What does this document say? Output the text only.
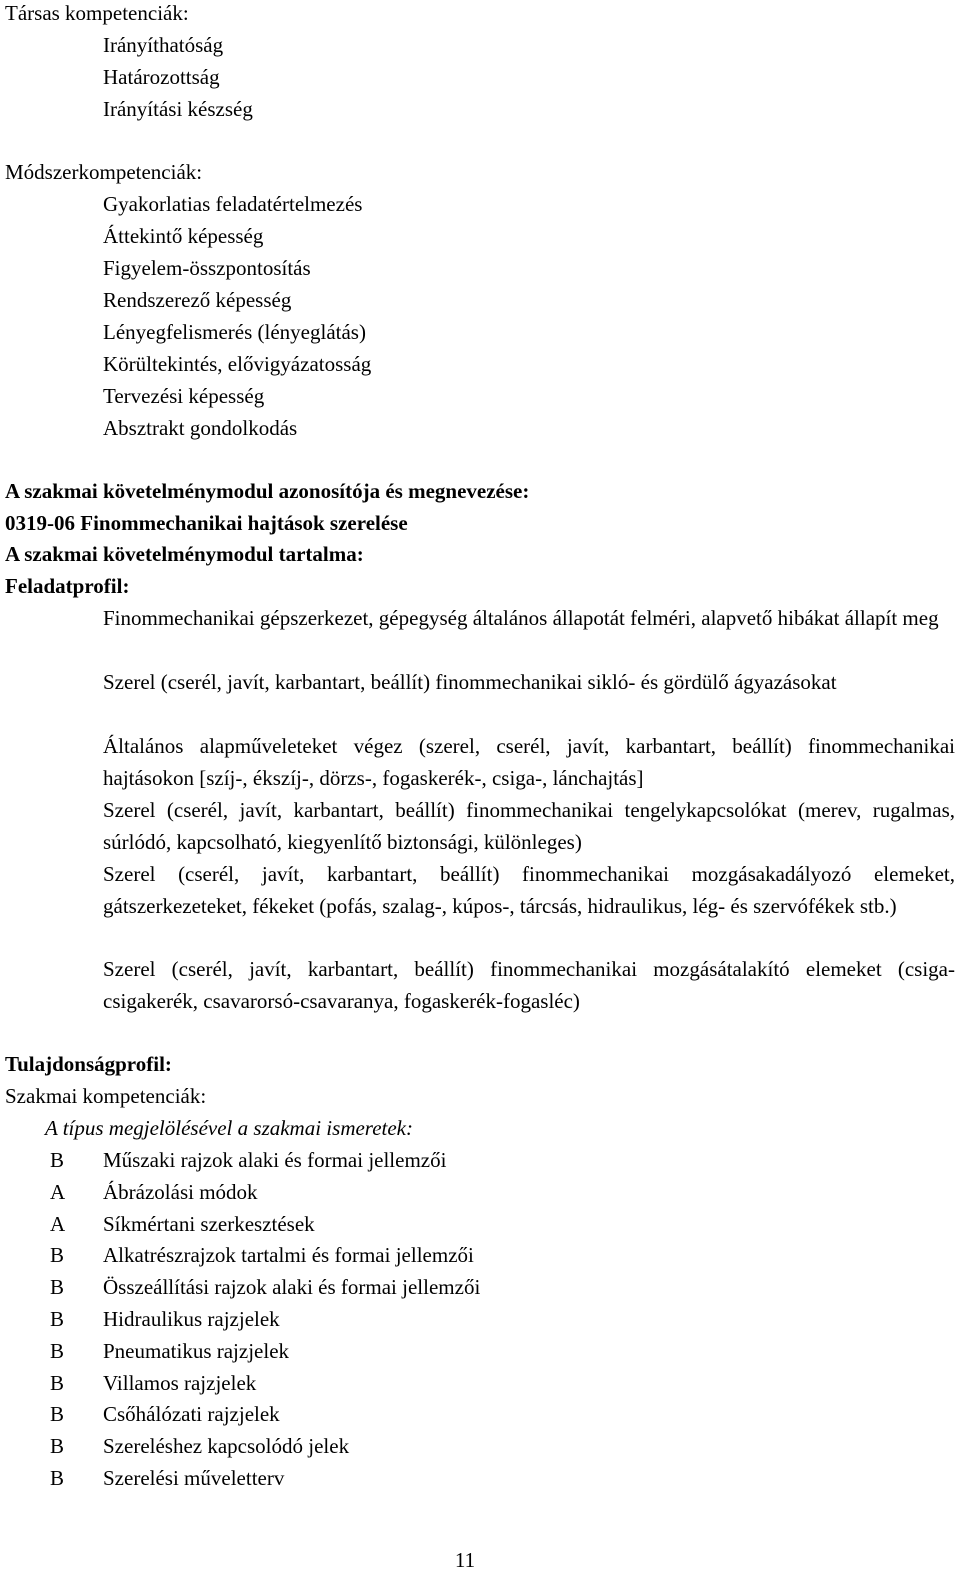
Társas kompetenciák:
Irányíthatóság
Határozottság
Irányítási készség
Módszerkompetenciák:
Gyakorlatias feladatértelmezés
Áttekintő képesség
Figyelem-összpontosítás
Rendszerező képesség
Lényegfelismerés (lényeglátás)
Körültekintés, elővigyázatosság
Tervezési képesség
Absztrakt gondolkodás
A szakmai követelménymodul azonosítója és megnevezése:
0319-06 Finommechanikai hajtások szerelése
A szakmai követelménymodul tartalma:
Feladatprofil:
Finommechanikai gépszerkezet, gépegység általános állapotát felméri, alapvető hibákat állapít meg
Szerel (cserél, javít, karbantart, beállít) finommechanikai sikló- és gördülő ágyazásokat
Általános alapműveleteket végez (szerel, cserél, javít, karbantart, beállít) finommechanikai hajtásokon [szíj-, ékszíj-, dörzs-, fogaskerék-, csiga-, lánchajtás]
Szerel (cserél, javít, karbantart, beállít) finommechanikai tengelykapcsolókat (merev, rugalmas, súrlódó, kapcsolható, kiegyenlítő biztonsági, különleges)
Szerel (cserél, javít, karbantart, beállít) finommechanikai mozgásakadályozó elemeket, gátszerkezeteket, fékeket (pofás, szalag-, kúpos-, tárcsás, hidraulikus, lég- és szervófékek stb.)
Szerel (cserél, javít, karbantart, beállít) finommechanikai mozgásátalakító elemeket (csiga-csigakerék, csavarorsó-csavaranya, fogaskerék-fogasléc)
Tulajdonságprofil:
Szakmai kompetenciák:
A típus megjelölésével a szakmai ismeretek:
B Műszaki rajzok alaki és formai jellemzői
A Ábrázolási módok
A Síkmértani szerkesztések
B Alkatrészrajzok tartalmi és formai jellemzői
B Összeállítási rajzok alaki és formai jellemzői
B Hidraulikus rajzjelek
B Pneumatikus rajzjelek
B Villamos rajzjelek
B Csőhálózati rajzjelek
B Szereléshez kapcsolódó jelek
B Szerelési műveletterv
11
